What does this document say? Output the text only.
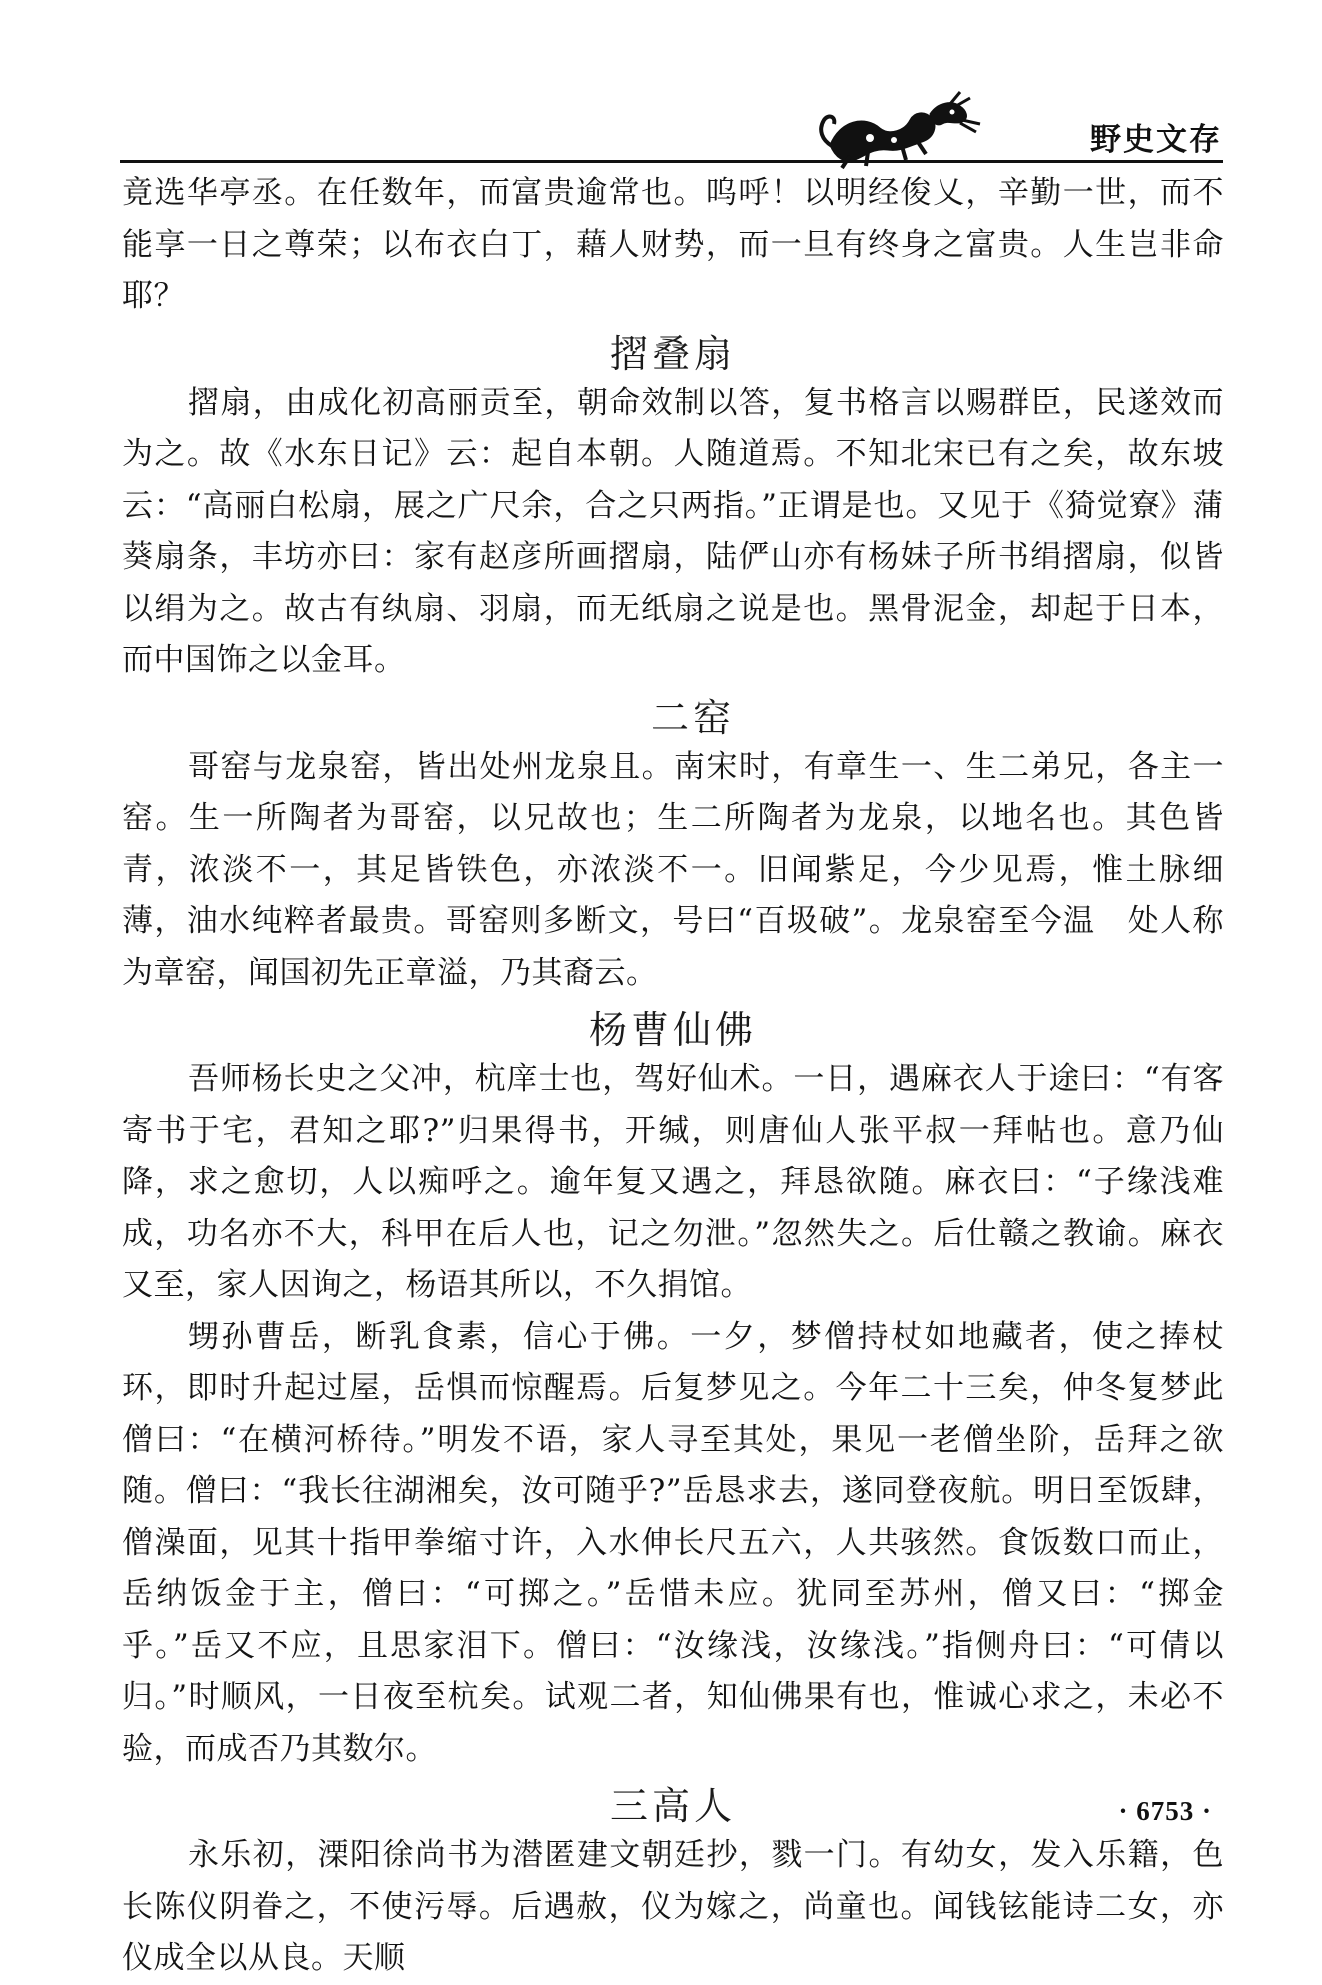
野史文存

竟选华亭丞。在任数年，而富贵逾常也。呜呼！以明经俊乂，辛勤一世，而不能享一日之尊荣；以布衣白丁，藉人财势，而一旦有终身之富贵。人生岂非命耶？

摺叠扇

摺扇，由成化初高丽贡至，朝命效制以答，复书格言以赐群臣，民遂效而为之。故《水东日记》云：起自本朝。人随道焉。不知北宋已有之矣，故东坡云：“高丽白松扇，展之广尺余，合之只两指。”正谓是也。又见于《猗觉寮》蒲葵扇条，丰坊亦曰：家有赵彦所画摺扇，陆俨山亦有杨妹子所书绢摺扇，似皆以绢为之。故古有纨扇、羽扇，而无纸扇之说是也。黑骨泥金，却起于日本，而中国饰之以金耳。

二窑

哥窑与龙泉窑，皆出处州龙泉且。南宋时，有章生一、生二弟兄，各主一窑。生一所陶者为哥窑，以兄故也；生二所陶者为龙泉，以地名也。其色皆青，浓淡不一，其足皆铁色，亦浓淡不一。旧闻紫足，今少见焉，惟土脉细薄，油水纯粹者最贵。哥窑则多断文，号曰“百圾破”。龙泉窑至今温　处人称为章窑，闻国初先正章溢，乃其裔云。

杨曹仙佛

吾师杨长史之父冲，杭庠士也，驾好仙术。一日，遇麻衣人于途曰：“有客寄书于宅，君知之耶?”归果得书，开缄，则唐仙人张平叔一拜帖也。意乃仙降，求之愈切，人以痴呼之。逾年复又遇之，拜恳欲随。麻衣曰：“子缘浅难成，功名亦不大，科甲在后人也，记之勿泄。”忽然失之。后仕赣之教谕。麻衣又至，家人因询之，杨语其所以，不久捐馆。

甥孙曹岳，断乳食素，信心于佛。一夕，梦僧持杖如地藏者，使之捧杖环，即时升起过屋，岳惧而惊醒焉。后复梦见之。今年二十三矣，仲冬复梦此僧曰：“在横河桥待。”明发不语，家人寻至其处，果见一老僧坐阶，岳拜之欲随。僧曰：“我长往湖湘矣，汝可随乎?”岳恳求去，遂同登夜航。明日至饭肆，僧澡面，见其十指甲拳缩寸许，入水伸长尺五六，人共骇然。食饭数口而止，岳纳饭金于主，僧曰：“可掷之。”岳惜未应。犹同至苏州，僧又曰：“掷金乎。”岳又不应，且思家泪下。僧曰：“汝缘浅，汝缘浅。”指侧舟曰：“可倩以归。”时顺风，一日夜至杭矣。试观二者，知仙佛果有也，惟诚心求之，未必不验，而成否乃其数尔。

三高人

永乐初，溧阳徐尚书为潜匿建文朝廷抄，戮一门。有幼女，发入乐籍，色长陈仪阴眷之，不使污辱。后遇赦，仪为嫁之，尚童也。闻钱铉能诗二女，亦仪成全以从良。天顺

· 6753 ·
